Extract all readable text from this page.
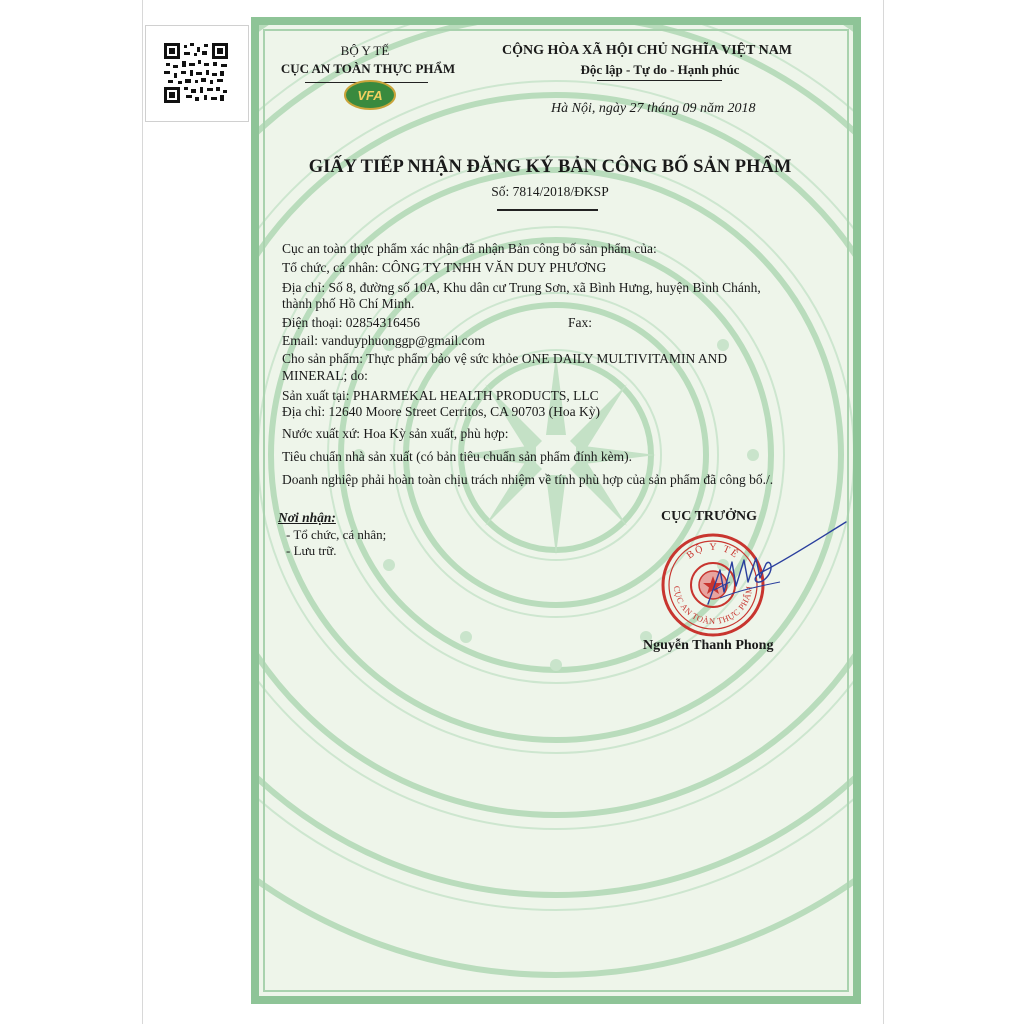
BỘ Y TẾ
CỤC AN TOÀN THỰC PHẨM
VFA
CỘNG HÒA XÃ HỘI CHỦ NGHĨA VIỆT NAM
Độc lập - Tự do - Hạnh phúc
Hà Nội, ngày 27 tháng 09 năm 2018
GIẤY TIẾP NHẬN ĐĂNG KÝ BẢN CÔNG BỐ SẢN PHẨM
Số: 7814/2018/ĐKSP
Cục an toàn thực phẩm xác nhận đã nhận Bản công bố sản phẩm của:
Tổ chức, cá nhân: CÔNG TY TNHH VĂN DUY PHƯƠNG
Địa chỉ: Số 8, đường số 10A, Khu dân cư Trung Sơn, xã Bình Hưng, huyện Bình Chánh,
thành phố Hồ Chí Minh.
Điện thoại: 02854316456	Fax:
Email: vanduyphuonggp@gmail.com
Cho sản phẩm: Thực phẩm bảo vệ sức khỏe ONE DAILY MULTIVITAMIN AND
MINERAL; do:
Sản xuất tại: PHARMEKAL HEALTH PRODUCTS, LLC
Địa chỉ: 12640 Moore Street Cerritos, CA 90703 (Hoa Kỳ)
Nước xuất xứ: Hoa Kỳ sản xuất, phù hợp:
Tiêu chuẩn nhà sản xuất (có bản tiêu chuẩn sản phẩm đính kèm).
Doanh nghiệp phải hoàn toàn chịu trách nhiệm về tính phù hợp của sản phẩm đã công bố./.
Nơi nhận:
- Tổ chức, cá nhân;
- Lưu trữ.
CỤC TRƯỞNG
BỘ Y TẾ
CỤC AN TOÀN THỰC PHẨM
Nguyễn Thanh Phong
